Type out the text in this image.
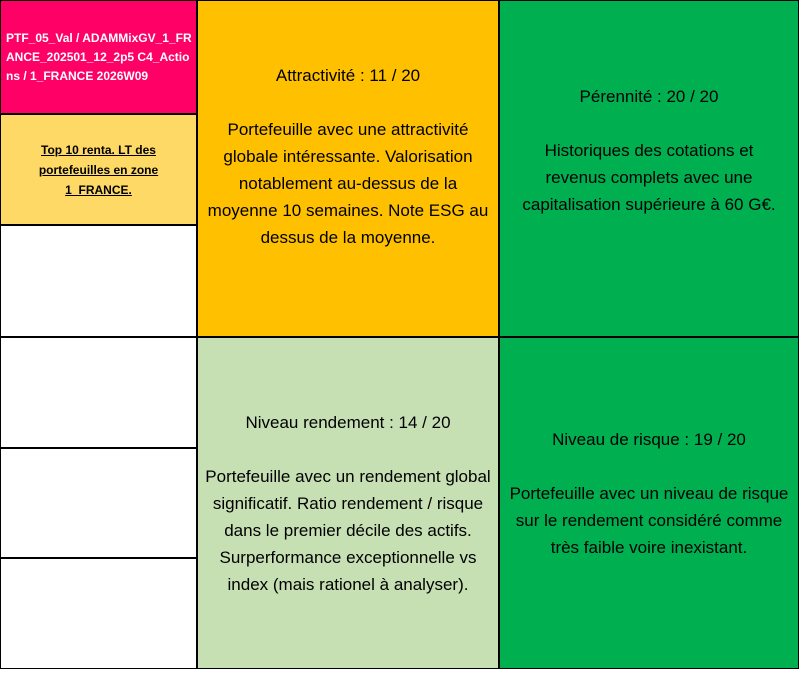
PTF_05_Val / ADAMMixGV_1_FRANCE_202501_12_2p5 C4_Actions / 1_FRANCE 2026W09
Top 10 renta. LT des portefeuilles en zone 1_FRANCE.
Attractivité : 11 / 20
Portefeuille avec une attractivité globale intéressante. Valorisation notablement au-dessus de la moyenne 10 semaines. Note ESG au dessus de la moyenne.
Pérennité : 20 / 20
Historiques des cotations et revenus complets avec une capitalisation supérieure à 60 G€.
Niveau rendement : 14 / 20
Portefeuille avec un rendement global significatif. Ratio rendement / risque dans le premier décile des actifs. Surperformance exceptionnelle vs index (mais rationel à analyser).
Niveau de risque : 19 / 20
Portefeuille avec un niveau de risque sur le rendement considéré comme très faible voire inexistant.
